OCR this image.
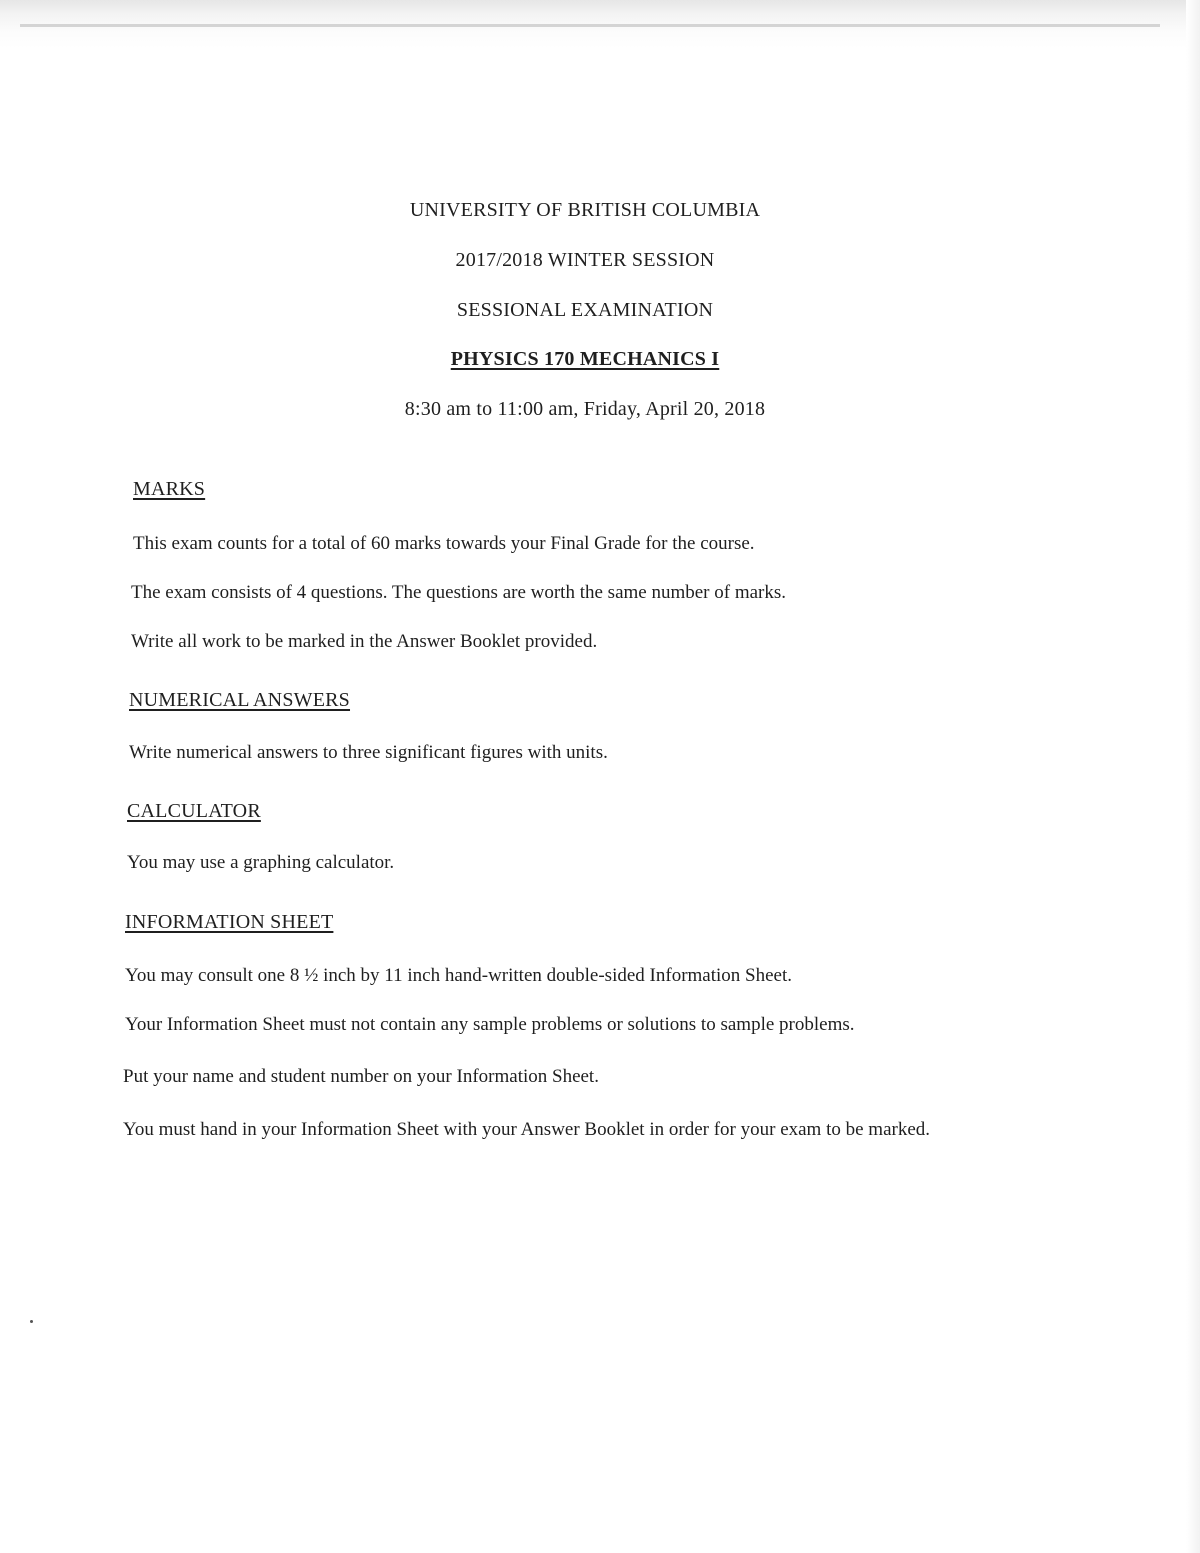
UNIVERSITY OF BRITISH COLUMBIA
2017/2018 WINTER SESSION
SESSIONAL EXAMINATION
PHYSICS 170 MECHANICS I
8:30 am to 11:00 am, Friday, April 20, 2018
MARKS
This exam counts for a total of 60 marks towards your Final Grade for the course.
The exam consists of 4 questions. The questions are worth the same number of marks.
Write all work to be marked in the Answer Booklet provided.
NUMERICAL ANSWERS
Write numerical answers to three significant figures with units.
CALCULATOR
You may use a graphing calculator.
INFORMATION SHEET
You may consult one 8 ½ inch by 11 inch hand-written double-sided Information Sheet.
Your Information Sheet must not contain any sample problems or solutions to sample problems.
Put your name and student number on your Information Sheet.
You must hand in your Information Sheet with your Answer Booklet in order for your exam to be marked.
